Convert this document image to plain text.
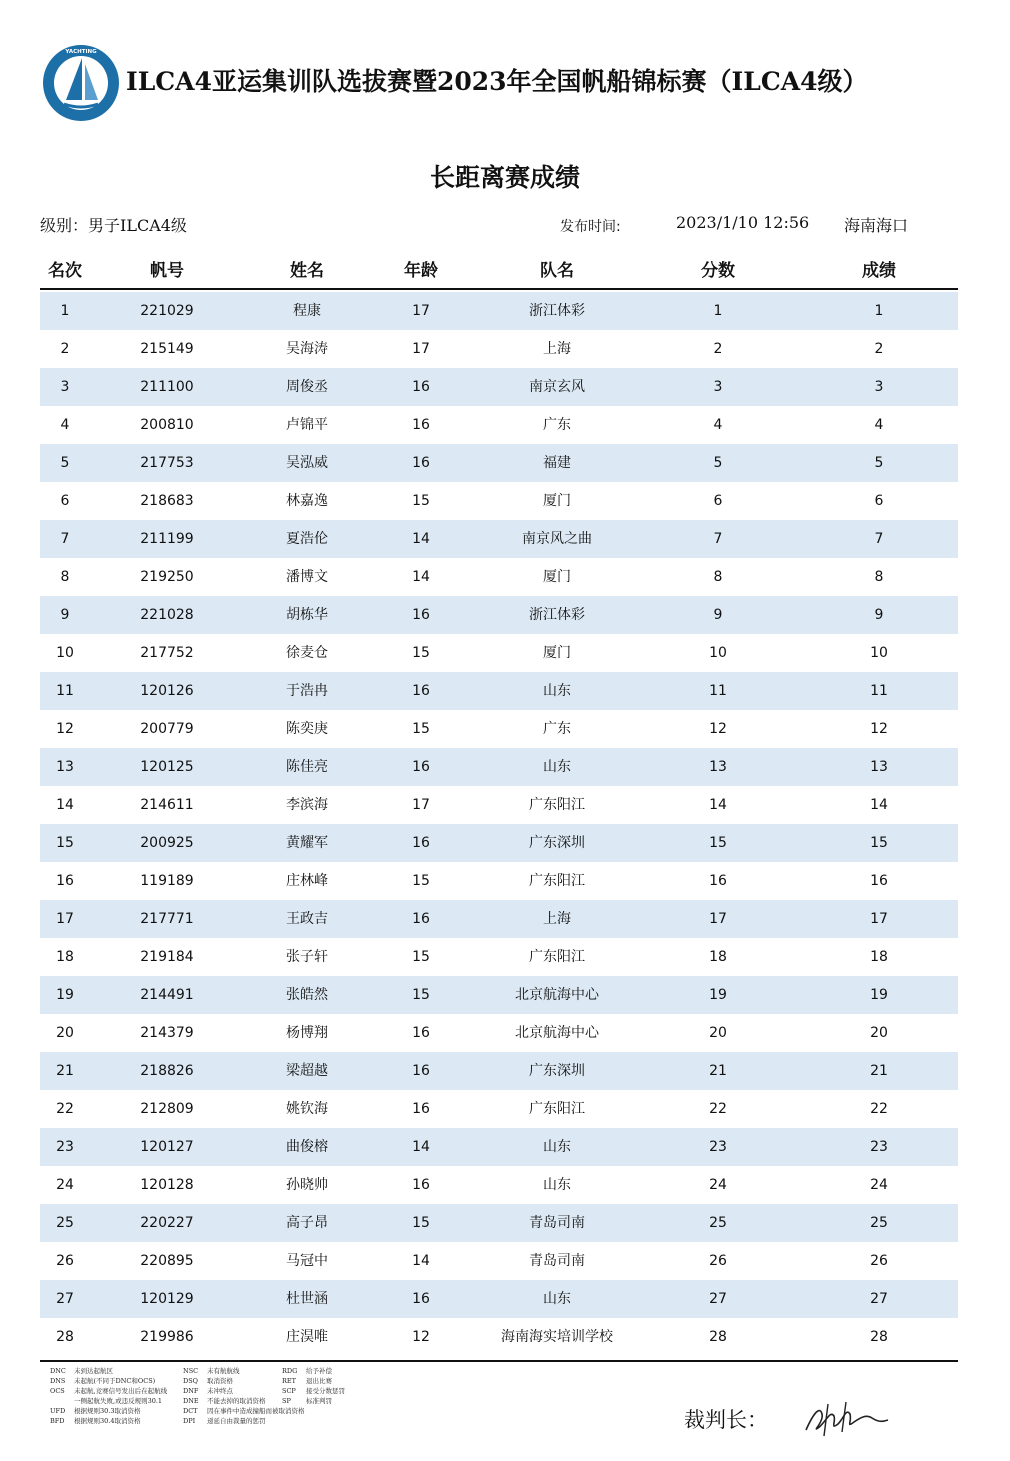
YACHTING
ILCA4亚运集训队选拔赛暨2023年全国帆船锦标赛（ILCA4级）
长距离赛成绩
级别：男子ILCA4级	发布时间:	2023/1/10 12:56 海南海口
名次	帆号	姓名	年龄	队名	分数	成绩
1	221029	程康	17	浙江体彩	1	1
2	215149	吴海涛	17	上海	2	2
3	211100	周俊丞	16	南京玄风	3	3
4	200810	卢锦平	16	广东	4	4
5	217753	吴泓威	16	福建	5	5
6	218683	林嘉逸	15	厦门	6	6
7	211199	夏浩伦	14	南京风之曲	7	7
8	219250	潘博文	14	厦门	8	8
9	221028	胡栋华	16	浙江体彩	9	9
10	217752	徐麦仓	15	厦门	10	10
11	120126	于浩冉	16	山东	11	11
12	200779	陈奕庚	15	广东	12	12
13	120125	陈佳亮	16	山东	13	13
14	214611	李滨海	17	广东阳江	14	14
15	200925	黄耀军	16	广东深圳	15	15
16	119189	庄林峰	15	广东阳江	16	16
17	217771	王政吉	16	上海	17	17
18	219184	张子轩	15	广东阳江	18	18
19	214491	张皓然	15	北京航海中心	19	19
20	214379	杨博翔	16	北京航海中心	20	20
21	218826	梁超越	16	广东深圳	21	21
22	212809	姚钦海	16	广东阳江	22	22
23	120127	曲俊榕	14	山东	23	23
24	120128	孙晓帅	16	山东	24	24
25	220227	高子昂	15	青岛司南	25	25
26	220895	马冠中	14	青岛司南	26	26
27	120129	杜世涵	16	山东	27	27
28	219986	庄淏唯	12	海南海实培训学校	28	28
DNC 未到达起航区
DNS 未起航(不同于DNC和OCS)
OCS 未起航,竞赛信号发出后在起航线
一侧起航失败,或违反规则30.1
UFD 根据规则30.3取消资格
BFD 根据规则30.4取消资格
NSC 未有航航线
DSQ 取消资格
DNF 未冲终点
DNE 不能去掉的取消资格
DCT 因在事件中造成撞船而被取消资格
DPI 递延自由裁量的惩罚
RDG 给予补偿
RET 退出比赛
SCP 接受分数惩罚
SP 标准判罚
裁判长：
